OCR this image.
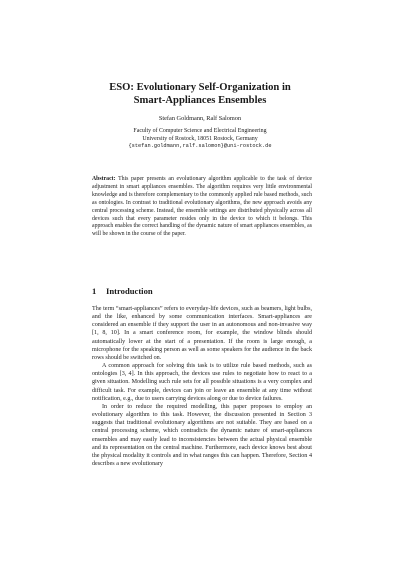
ESO: Evolutionary Self-Organization in
Smart-Appliances Ensembles
Stefan Goldmann, Ralf Salomon
Faculty of Computer Science and Electrical Engineering
University of Rostock, 18051 Rostock, Germany
{stefan.goldmann,ralf.salomon}@uni-rostock.de

Abstract: This paper presents an evolutionary algorithm applicable to the task of device adjustment in smart appliances ensembles. The algorithm requires very little environmental knowledge and is therefore complementary to the commonly applied rule based methods, such as ontologies. In contrast to traditional evolutionary algorithms, the new approach avoids any central processing scheme. Instead, the ensemble settings are distributed physically across all devices such that every parameter resides only in the device to which it belongs. This approach enables the correct handling of the dynamic nature of smart appliances ensembles, as will be shown in the course of the paper.

1 Introduction

The term “smart-appliances” refers to everyday-life devices, such as beamers, light bulbs, and the like, enhanced by some communication interfaces. Smart-appliances are considered an ensemble if they support the user in an autonomous and non-invasive way [1, 8, 10]. In a smart conference room, for example, the window blinds should automatically lower at the start of a presentation. If the room is large enough, a microphone for the speaking person as well as some speakers for the audience in the back rows should be switched on.

A common approach for solving this task is to utilize rule based methods, such as ontologies [3, 4]. In this approach, the devices use rules to negotiate how to react to a given situation. Modelling such rule sets for all possible situations is a very complex and difficult task. For example, devices can join or leave an ensemble at any time without notification, e.g., due to users carrying devices along or due to device failures.

In order to reduce the required modelling, this paper proposes to employ an evolutionary algorithm to this task. However, the discussion presented in Section 3 suggests that traditional evolutionary algorithms are not suitable. They are based on a central processing scheme, which contradicts the dynamic nature of smart-appliances ensembles and may easily lead to inconsistencies between the actual physical ensemble and its representation on the central machine. Furthermore, each device knows best about the physical modality it controls and in what ranges this can happen. Therefore, Section 4 describes a new evolutionary
